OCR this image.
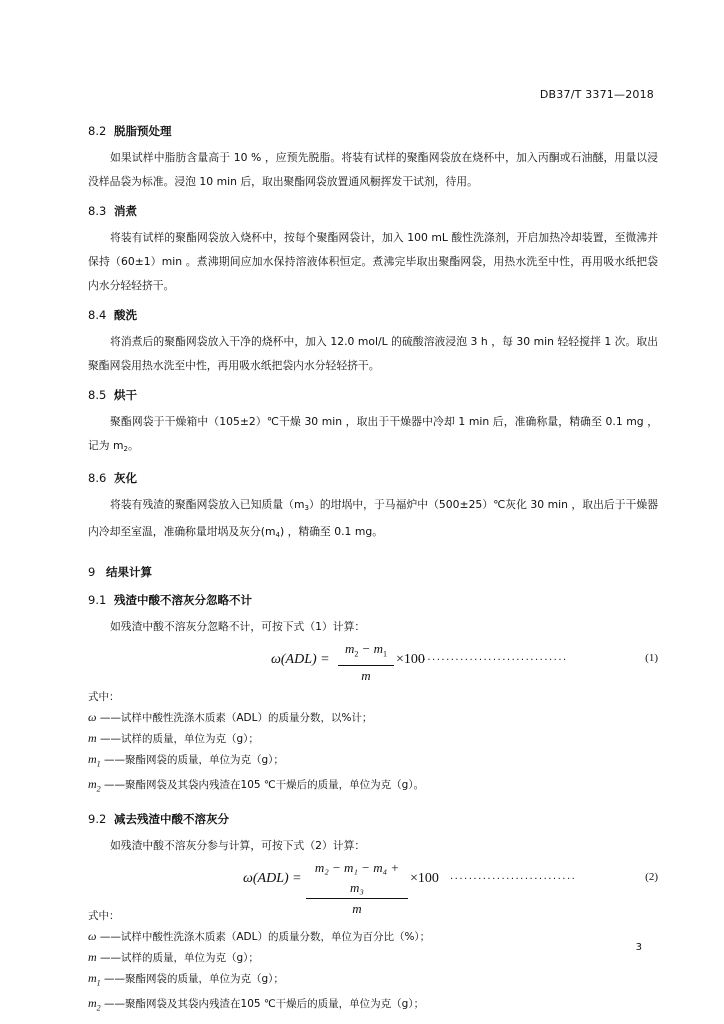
DB37/T 3371—2018
8.2 脱脂预处理

如果试样中脂肪含量高于 10 % ，应预先脱脂。将装有试样的聚酯网袋放在烧杯中，加入丙酮或石油醚，用量以浸没样品袋为标准。浸泡 10 min 后，取出聚酯网袋放置通风橱挥发干试剂，待用。

8.3 消煮

将装有试样的聚酯网袋放入烧杯中，按每个聚酯网袋计，加入 100 mL 酸性洗涤剂，开启加热冷却装置，至微沸并保持（60±1）min 。煮沸期间应加水保持溶液体积恒定。煮沸完毕取出聚酯网袋，用热水洗至中性，再用吸水纸把袋内水分轻轻挤干。

8.4 酸洗

将消煮后的聚酯网袋放入干净的烧杯中，加入 12.0 mol/L 的硫酸溶液浸泡 3 h ，每 30 min 轻轻搅拌 1 次。取出聚酯网袋用热水洗至中性，再用吸水纸把袋内水分轻轻挤干。

8.5 烘干

聚酯网袋于干燥箱中（105±2）℃干燥 30 min ，取出于干燥器中冷却 1 min 后，准确称量，精确至 0.1 mg ，记为 $m_2$。

8.6 灰化

将装有残渣的聚酯网袋放入已知质量$(m_3)$的坩埚中，于马福炉中（500±25）℃灰化 30 min ，取出后于干燥器内冷却至室温，准确称量坩埚及灰分$(m_4)$ ，精确至 0.1 mg。

9 结果计算
9.1 残渣中酸不溶灰分忽略不计

如残渣中酸不溶灰分忽略不计，可按下式（1）计算：

ω(ADL) =
$m_2 - m_1$
m
×100
................................	(1)

式中：

ω ——试样中酸性洗涤木质素（ADL）的质量分数，以%计；

m ——试样的质量，单位为克（g）；

$m_1$ ——聚酯网袋的质量，单位为克（g）；

$m_2$ ——聚酯网袋及其袋内残渣在105 ℃干燥后的质量，单位为克（g）。

9.2 减去残渣中酸不溶灰分

如残渣中酸不溶灰分参与计算，可按下式（2）计算：

ω(ADL) =
m₂ − m₁ − m₄ + m₃
m
×100 ...........................	(2)

式中：

ω ——试样中酸性洗涤木质素（ADL）的质量分数，单位为百分比（%）；

m ——试样的质量，单位为克（g）；

$m_1$ ——聚酯网袋的质量，单位为克（g）；

$m_2$ ——聚酯网袋及其袋内残渣在105 ℃干燥后的质量，单位为克（g）；

3
